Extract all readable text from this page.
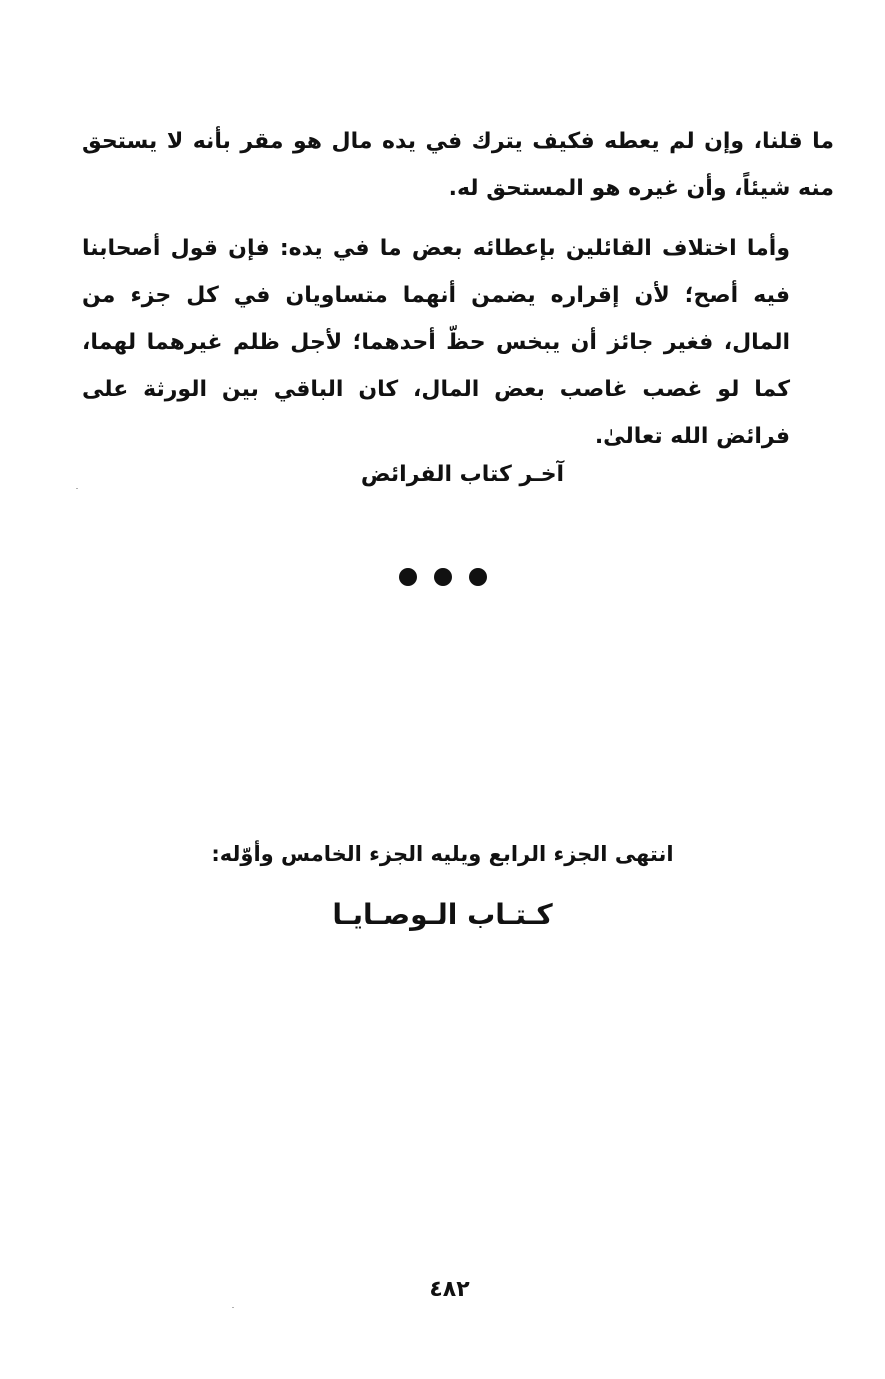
ما قلنا، وإن لم يعطه فكيف يترك في يده مال هو مقر بأنه لا يستحق منه شيئاً، وأن غيره هو المستحق له.
وأما اختلاف القائلين بإعطائه بعض ما في يده: فإن قول أصحابنا فيه أصح؛ لأن إقراره يضمن أنهما متساويان في كل جزء من المال، فغير جائز أن يبخس حظّ أحدهما؛ لأجل ظلم غيرهما لهما، كما لو غصب غاصب بعض المال، كان الباقي بين الورثة على فرائض الله تعالىٰ.
آخـر كتاب الفرائض
انتهى الجزء الرابع ويليه الجزء الخامس وأوّله:
كـتـاب الـوصـايـا
٤٨٢
